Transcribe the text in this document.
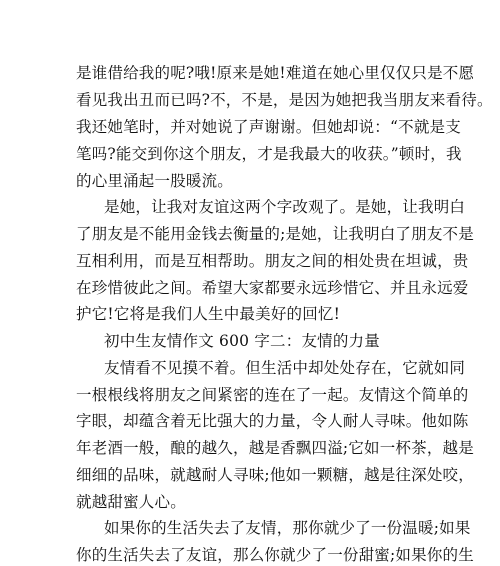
是谁借给我的呢?哦!原来是她!难道在她心里仅仅只是不愿
看见我出丑而已吗?不，不是，是因为她把我当朋友来看待。
我还她笔时，并对她说了声谢谢。但她却说：“不就是支
笔吗?能交到你这个朋友，才是我最大的收获。”顿时，我
的心里涌起一股暖流。
是她，让我对友谊这两个字改观了。是她，让我明白
了朋友是不能用金钱去衡量的;是她，让我明白了朋友不是
互相利用，而是互相帮助。朋友之间的相处贵在坦诚，贵
在珍惜彼此之间。希望大家都要永远珍惜它、并且永远爱
护它!它将是我们人生中最美好的回忆!
初中生友情作文 600 字二：友情的力量
友情看不见摸不着。但生活中却处处存在，它就如同
一根根线将朋友之间紧密的连在了一起。友情这个简单的
字眼，却蕴含着无比强大的力量，令人耐人寻味。他如陈
年老酒一般，酿的越久，越是香飘四溢;它如一杯茶，越是
细细的品味，就越耐人寻味;他如一颗糖，越是往深处咬，
就越甜蜜人心。
如果你的生活失去了友情，那你就少了一份温暖;如果
你的生活失去了友谊，那么你就少了一份甜蜜;如果你的生
